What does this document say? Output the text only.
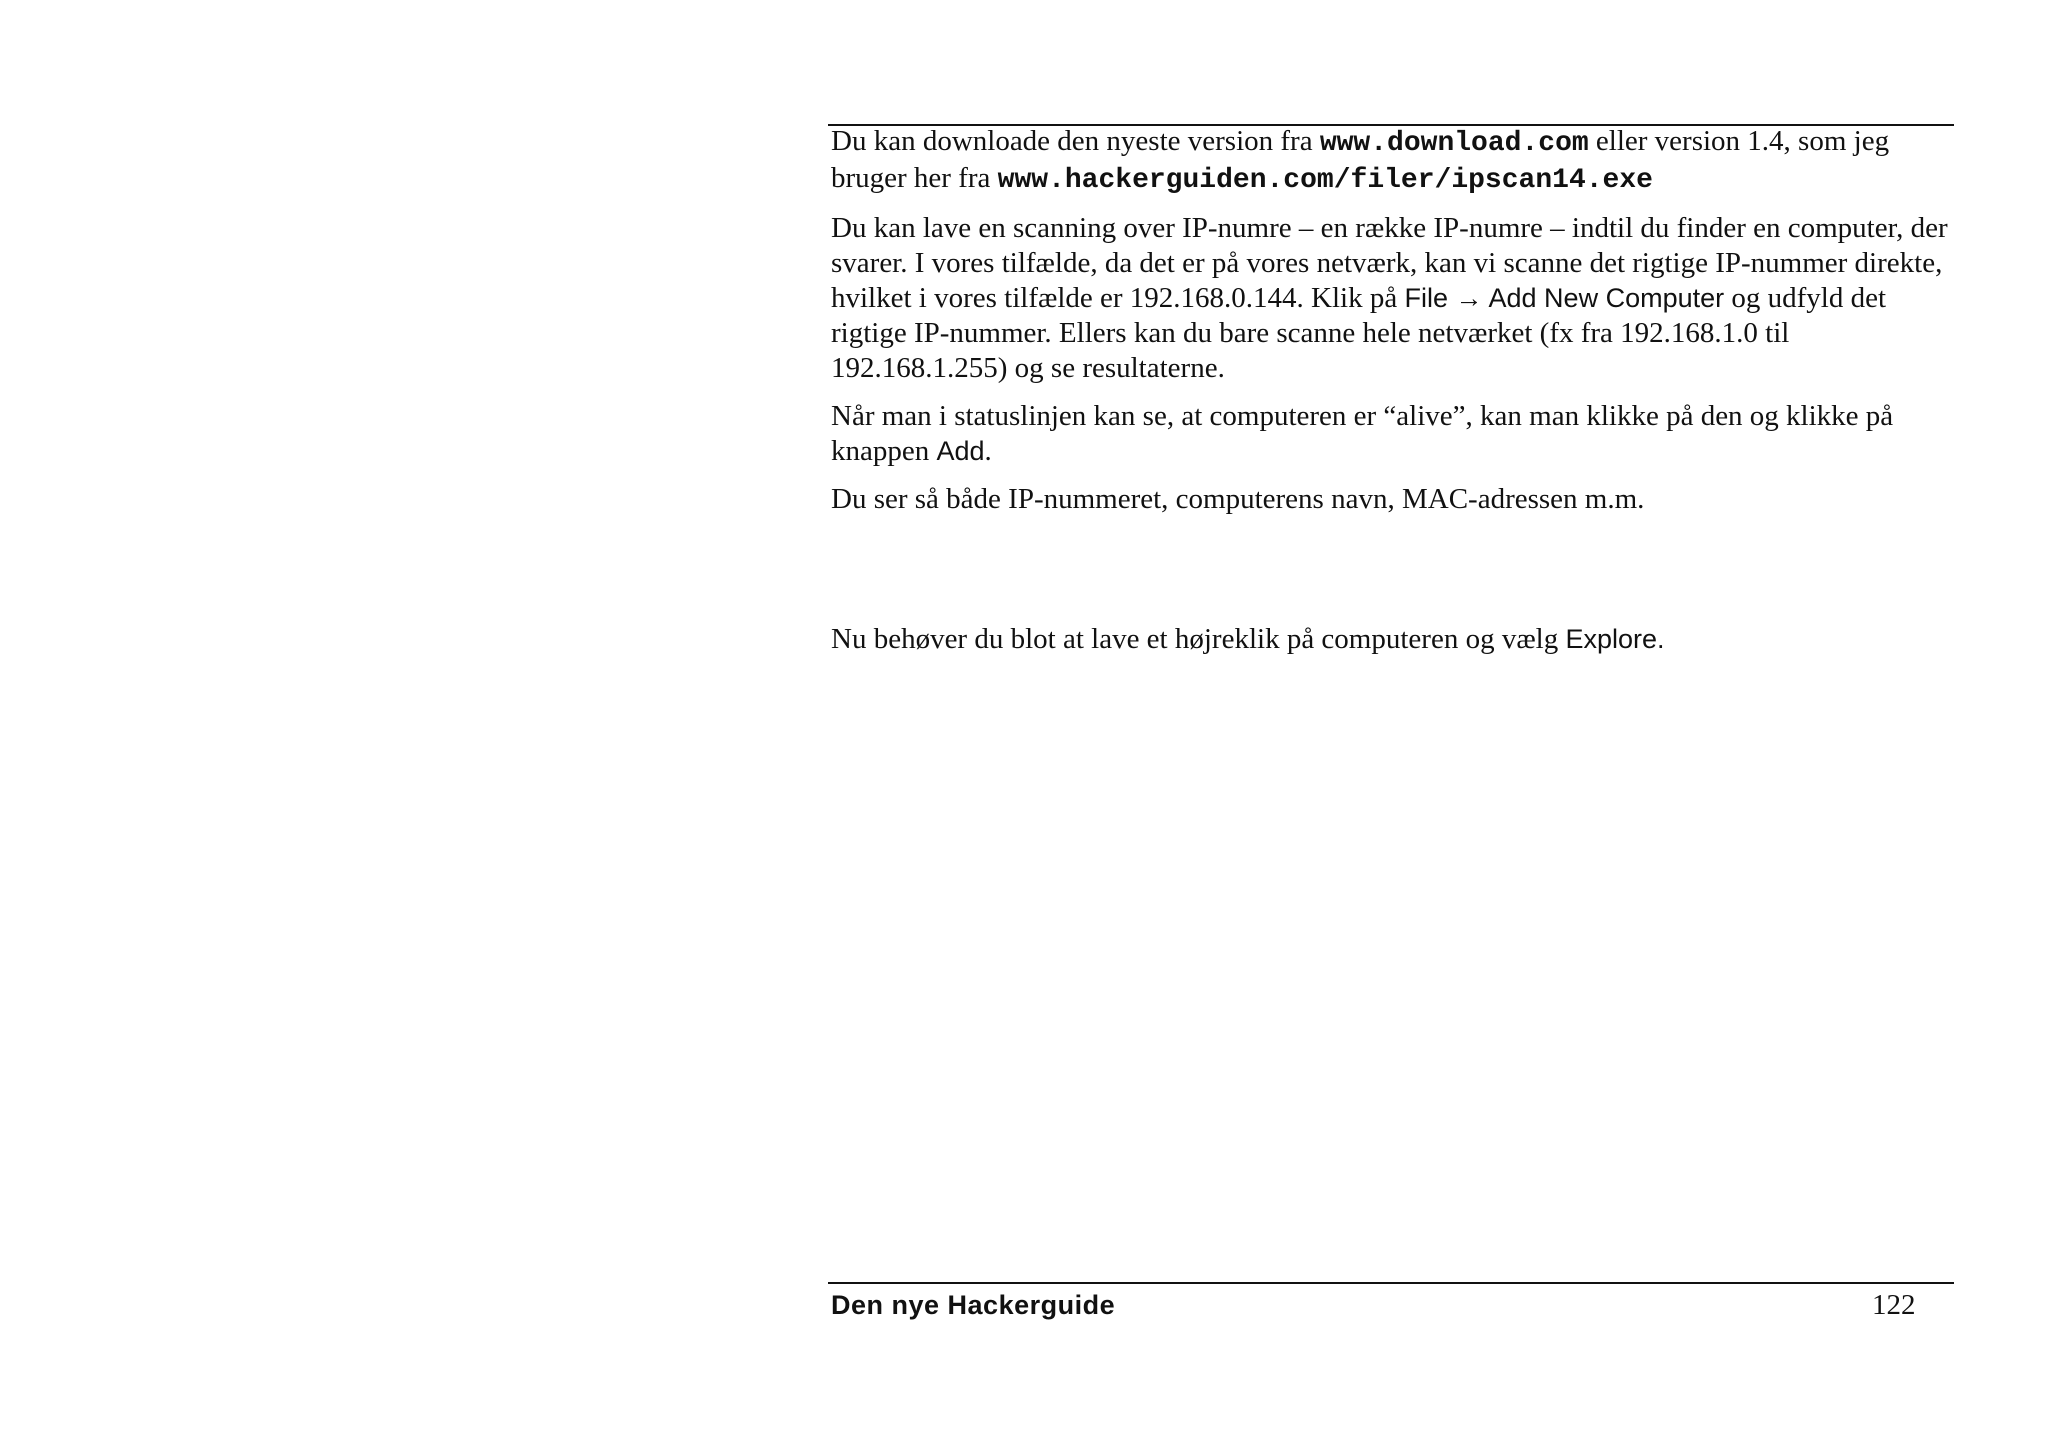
Du kan downloade den nyeste version fra www.download.com eller version 1.4, som jeg bruger her fra www.hackerguiden.com/filer/ipscan14.exe

Du kan lave en scanning over IP-numre – en række IP-numre – indtil du finder en computer, der svarer. I vores tilfælde, da det er på vores netværk, kan vi scanne det rigtige IP-nummer direkte, hvilket i vores tilfælde er 192.168.0.144. Klik på File → Add New Computer og udfyld det rigtige IP-nummer. Ellers kan du bare scanne hele netværket (fx fra 192.168.1.0 til 192.168.1.255) og se resultaterne.

Når man i statuslinjen kan se, at computeren er “alive”, kan man klikke på den og klikke på knappen Add.

Du ser så både IP-nummeret, computerens navn, MAC-adressen m.m.

Nu behøver du blot at lave et højreklik på computeren og vælg Explore.
Den nye Hackerguide	122
